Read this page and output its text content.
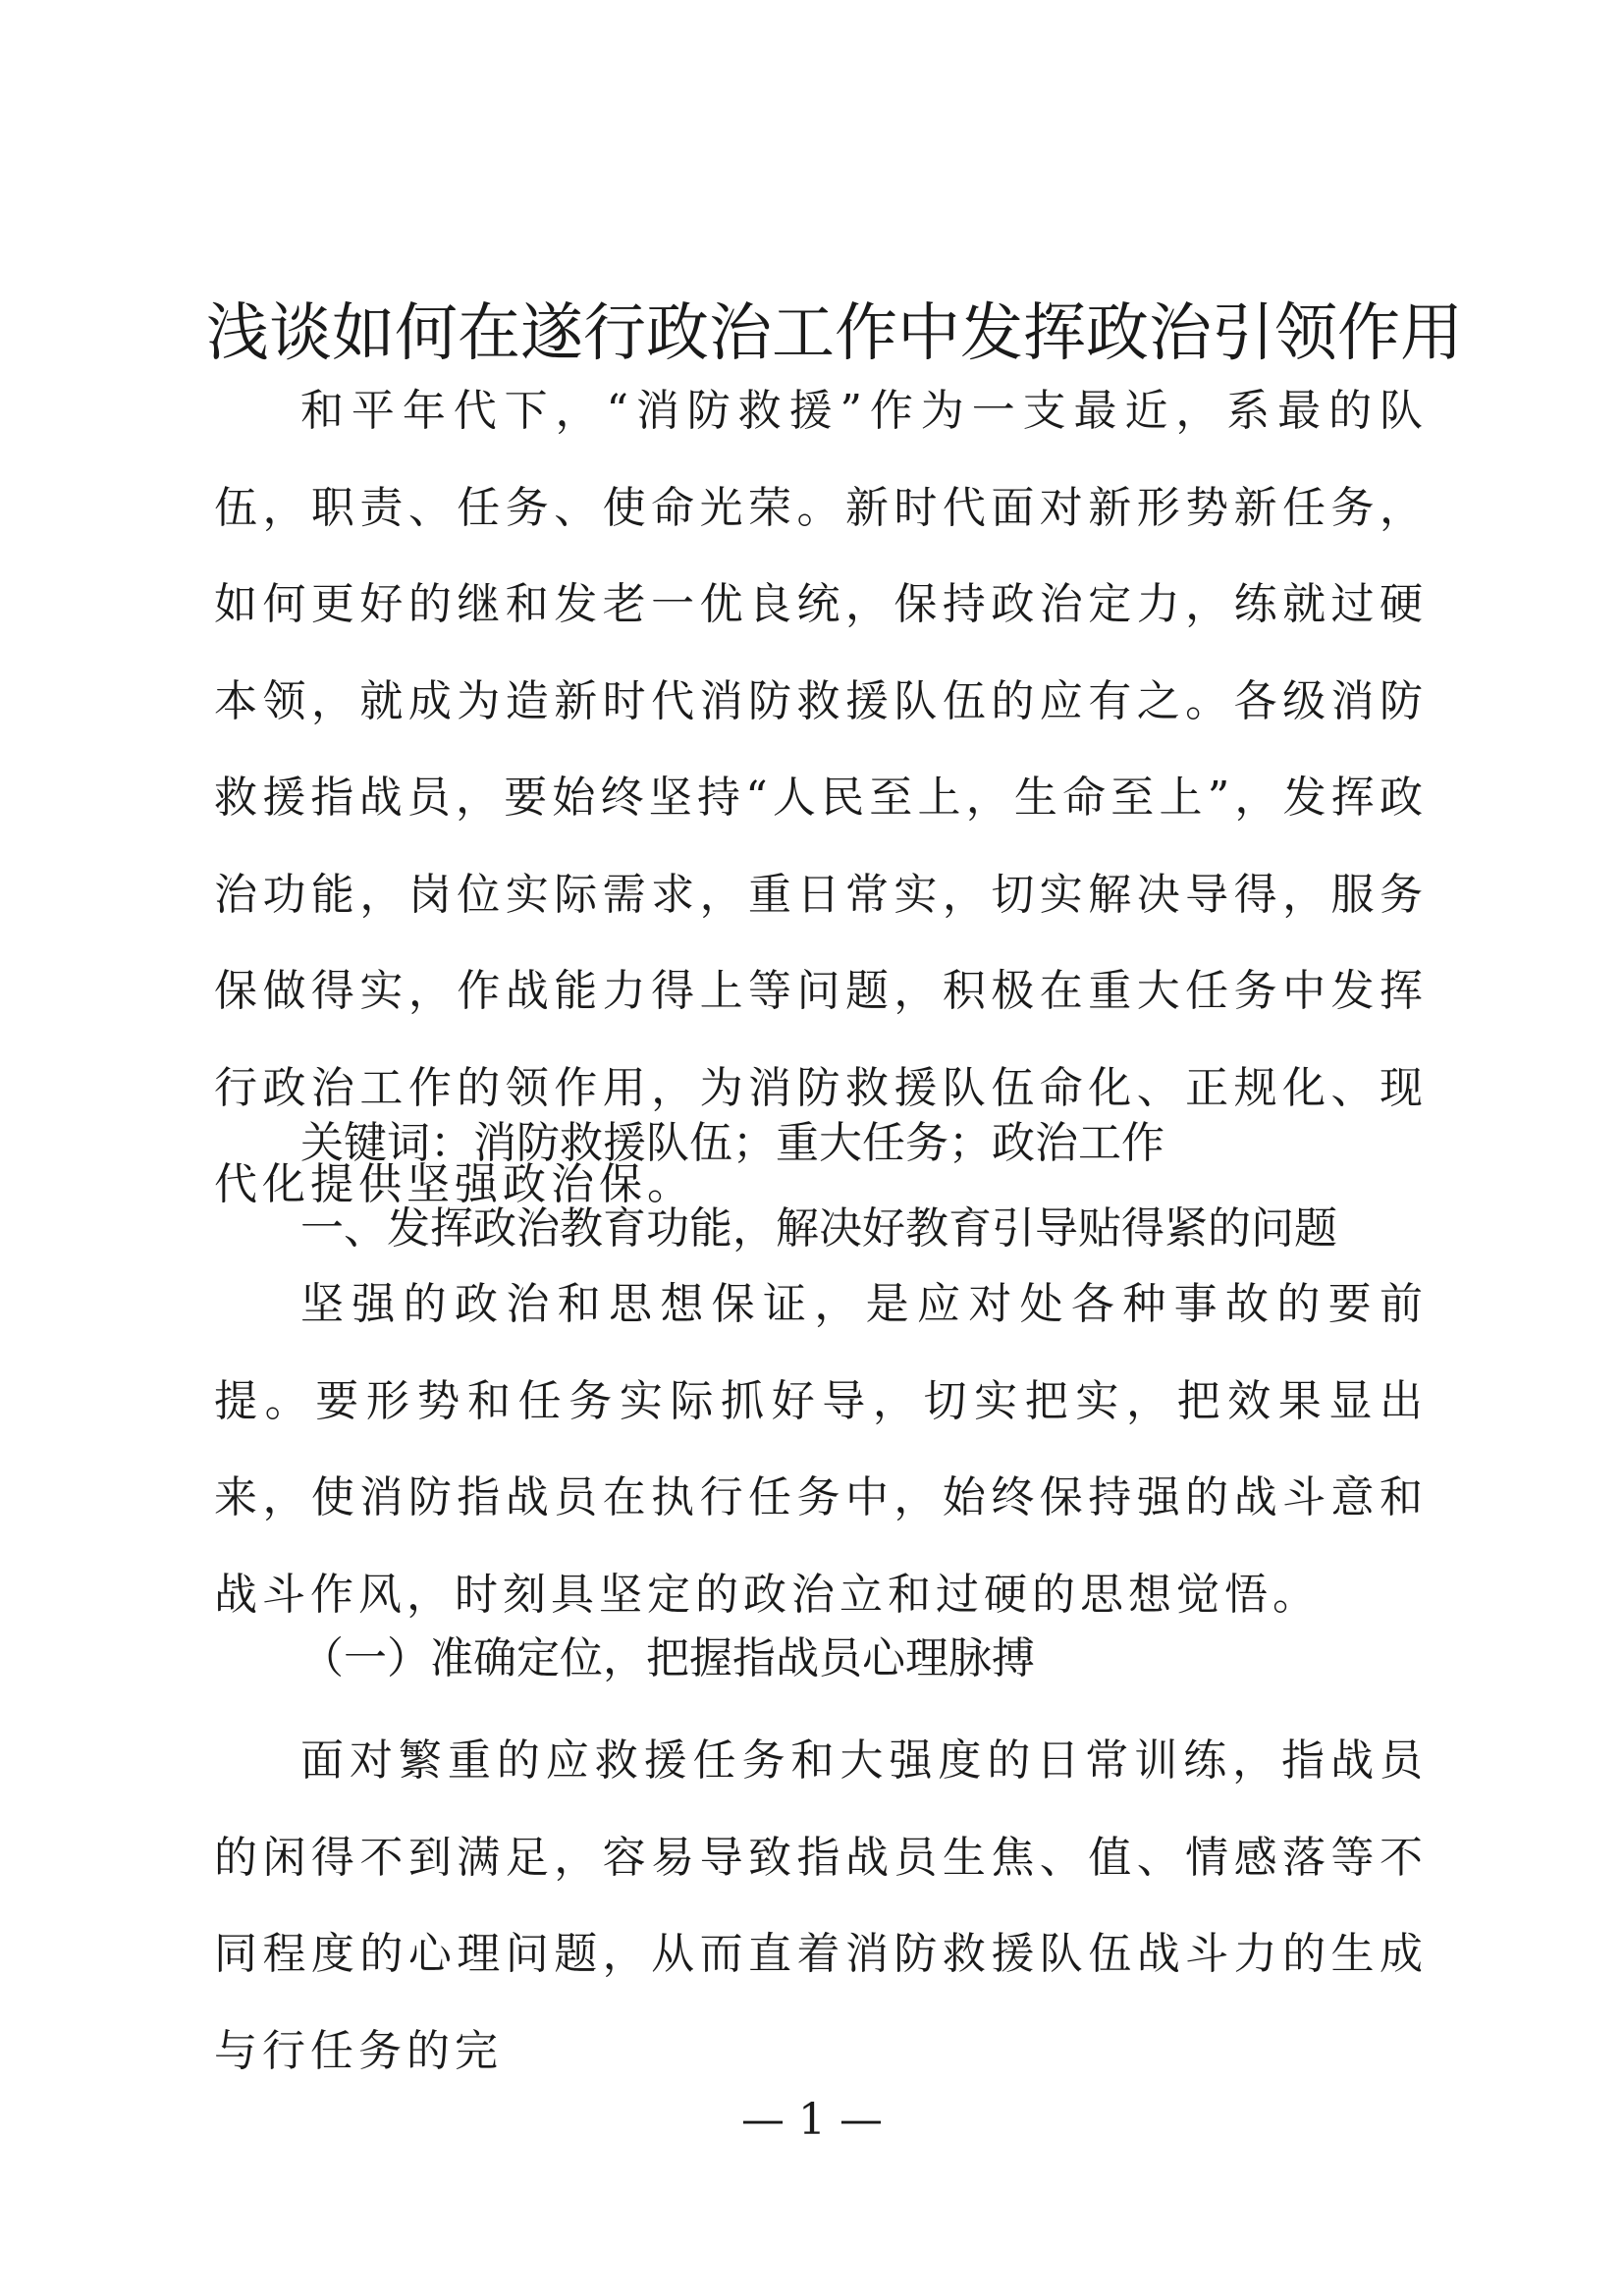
浅谈如何在遂行政治工作中发挥政治引领作用

和平年代下，“消防救援”作为一支最近，系最的队伍，职责、任务、使命光荣。新时代面对新形势新任务，如何更好的继和发老一优良统，保持政治定力，练就过硬本领，就成为造新时代消防救援队伍的应有之。各级消防救援指战员，要始终坚持“人民至上，生命至上”，发挥政治功能，岗位实际需求，重日常实，切实解决导得，服务保做得实，作战能力得上等问题，积极在重大任务中发挥行政治工作的领作用，为消防救援队伍命化、正规化、现代化提供坚强政治保。

关键词：消防救援队伍；重大任务；政治工作
一、发挥政治教育功能，解决好教育引导贴得紧的问题

坚强的政治和思想保证，是应对处各种事故的要前提。要形势和任务实际抓好导，切实把实，把效果显出来，使消防指战员在执行任务中，始终保持强的战斗意和战斗作风，时刻具坚定的政治立和过硬的思想觉悟。

（一）准确定位，把握指战员心理脉搏

面对繁重的应救援任务和大强度的日常训练，指战员的闲得不到满足，容易导致指战员生焦、值、情感落等不同程度的心理问题，从而直着消防救援队伍战斗力的生成与行任务的完

— 1 —
